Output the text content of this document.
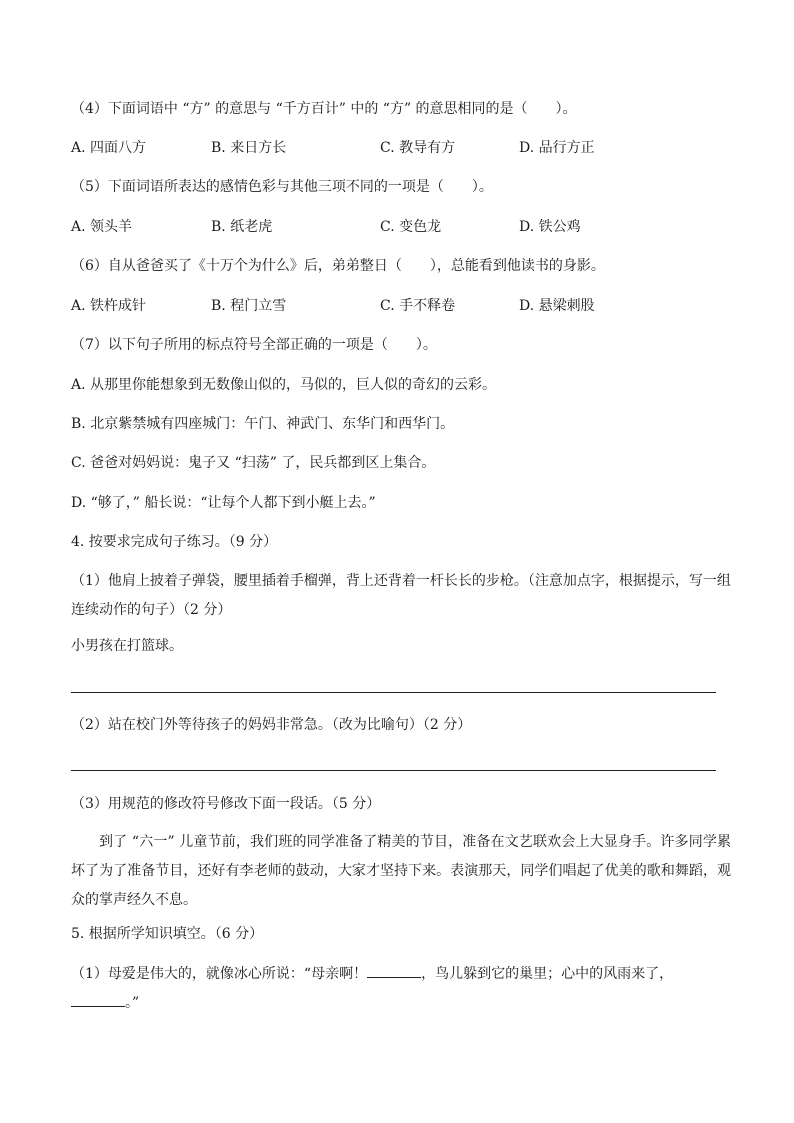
（4）下面词语中 “方” 的意思与 “千方百计” 中的 “方” 的意思相同的是（　　）。
A. 四面八方	B. 来日方长	C. 教导有方	D. 品行方正
（5）下面词语所表达的感情色彩与其他三项不同的一项是（　　）。
A. 领头羊	B. 纸老虎	C. 变色龙	D. 铁公鸡
（6）自从爸爸买了《十万个为什么》后，弟弟整日（　　），总能看到他读书的身影。
A. 铁杵成针	B. 程门立雪	C. 手不释卷	D. 悬梁刺股
（7）以下句子所用的标点符号全部正确的一项是（　　）。
A. 从那里你能想象到无数像山似的，马似的，巨人似的奇幻的云彩。
B. 北京紫禁城有四座城门：午门、神武门、东华门和西华门。
C. 爸爸对妈妈说：鬼子又 “扫荡” 了，民兵都到区上集合。
D. “够了，” 船长说：“让每个人都下到小艇上去。”
4. 按要求完成句子练习。（9 分）
（1）他肩上披着子弹袋，腰里插着手榴弹，背上还背着一杆长长的步枪。（注意加点字，根据提示，写一组连续动作的句子）（2 分）
小男孩在打篮球。
（2）站在校门外等待孩子的妈妈非常急。（改为比喻句）（2 分）
（3）用规范的修改符号修改下面一段话。（5 分）
到了 “六一” 儿童节前，我们班的同学准备了精美的节目，准备在文艺联欢会上大显身手。许多同学累坏了为了准备节目，还好有李老师的鼓动，大家才坚持下来。表演那天，同学们唱起了优美的歌和舞蹈，观众的掌声经久不息。
5. 根据所学知识填空。（6 分）
（1）母爱是伟大的，就像冰心所说：“母亲啊！	，鸟儿躲到它的巢里；心中的风雨来了，
。”
